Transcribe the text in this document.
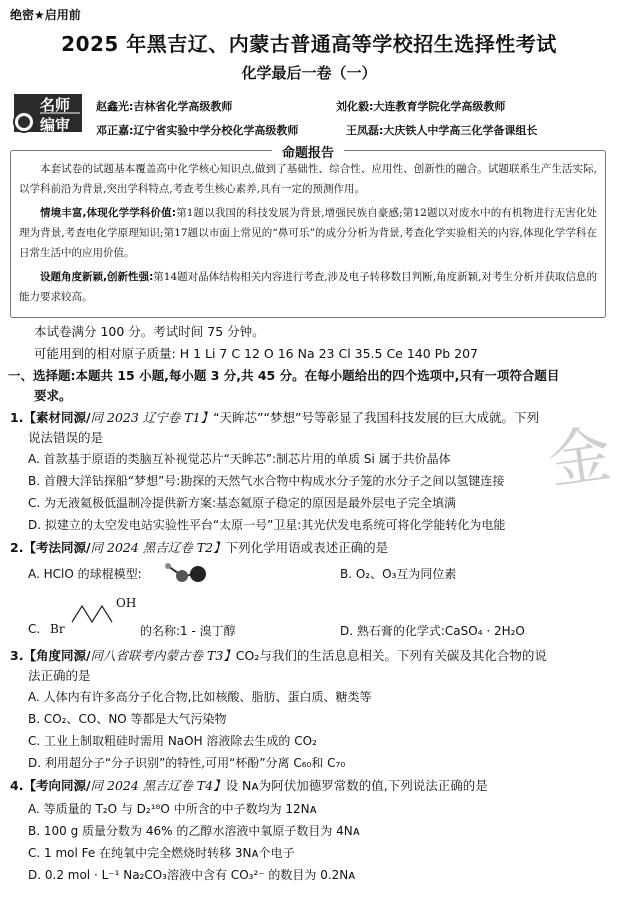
绝密★启用前
2025 年黑吉辽、内蒙古普通高等学校招生选择性考试
化学最后一卷（一）
名师
编审
赵鑫光:吉林省化学高级教师	刘化毅:大连教育学院化学高级教师
邓正嘉:辽宁省实验中学分校化学高级教师	王凤磊:大庆铁人中学高三化学备课组长
命题报告
本套试卷的试题基本覆盖高中化学核心知识点,做到了基础性、综合性、应用性、创新性的融合。试题联系生产生活实际,以学科前沿为背景,突出学科特点,考查考生核心素养,具有一定的预测作用。
情境丰富,体现化学学科价值:第1题以我国的科技发展为背景,增强民族自豪感;第12题以对废水中的有机物进行无害化处理为背景,考查电化学原理知识;第17题以市面上常见的“鼻可乐”的成分分析为背景,考查化学实验相关的内容,体现化学学科在日常生活中的应用价值。
设题角度新颖,创新性强:第14题对晶体结构相关内容进行考查,涉及电子转移数目判断,角度新颖,对考生分析并获取信息的能力要求较高。
本试卷满分 100 分。考试时间 75 分钟。
可能用到的相对原子质量: H 1 Li 7 C 12 O 16 Na 23 Cl 35.5 Ce 140 Pb 207
一、选择题:本题共 15 小题,每小题 3 分,共 45 分。在每小题给出的四个选项中,只有一项符合题目
要求。
1.【素材同源/同 2023 辽宁卷 T1】“天眸芯”“梦想”号等彰显了我国科技发展的巨大成就。下列
说法错误的是
A. 首款基于原语的类脑互补视觉芯片“天眸芯”:制芯片用的单质 Si 属于共价晶体
B. 首艘大洋钻探船“梦想”号:勘探的天然气水合物中构成水分子笼的水分子之间以氢键连接
C. 为无液氦极低温制冷提供新方案:基态氦原子稳定的原因是最外层电子完全填满
D. 拟建立的太空发电站实验性平台“太原一号”卫星:其光伏发电系统可将化学能转化为电能
2.【考法同源/同 2024 黑吉辽卷 T2】下列化学用语或表述正确的是
A. HClO 的球棍模型:	B. O₂、O₃互为同位素
C. Br
OH
的名称:1 - 溴丁醇	D. 熟石膏的化学式:CaSO₄ · 2H₂O
3.【角度同源/同八省联考内蒙古卷 T3】CO₂与我们的生活息息相关。下列有关碳及其化合物的说
法正确的是
A. 人体内有许多高分子化合物,比如核酸、脂肪、蛋白质、糖类等
B. CO₂、CO、NO 等都是大气污染物
C. 工业上制取粗硅时需用 NaOH 溶液除去生成的 CO₂
D. 利用超分子“分子识别”的特性,可用“杯酚”分离 C₆₀和 C₇₀
4.【考向同源/同 2024 黑吉辽卷 T4】设 Nᴀ为阿伏加德罗常数的值,下列说法正确的是
A. 等质量的 T₂O 与 D₂¹⁸O 中所含的中子数均为 12Nᴀ
B. 100 g 质量分数为 46% 的乙醇水溶液中氧原子数目为 4Nᴀ
C. 1 mol Fe 在纯氧中完全燃烧时转移 3Nᴀ个电子
D. 0.2 mol · L⁻¹ Na₂CO₃溶液中含有 CO₃²⁻ 的数目为 0.2Nᴀ
金
